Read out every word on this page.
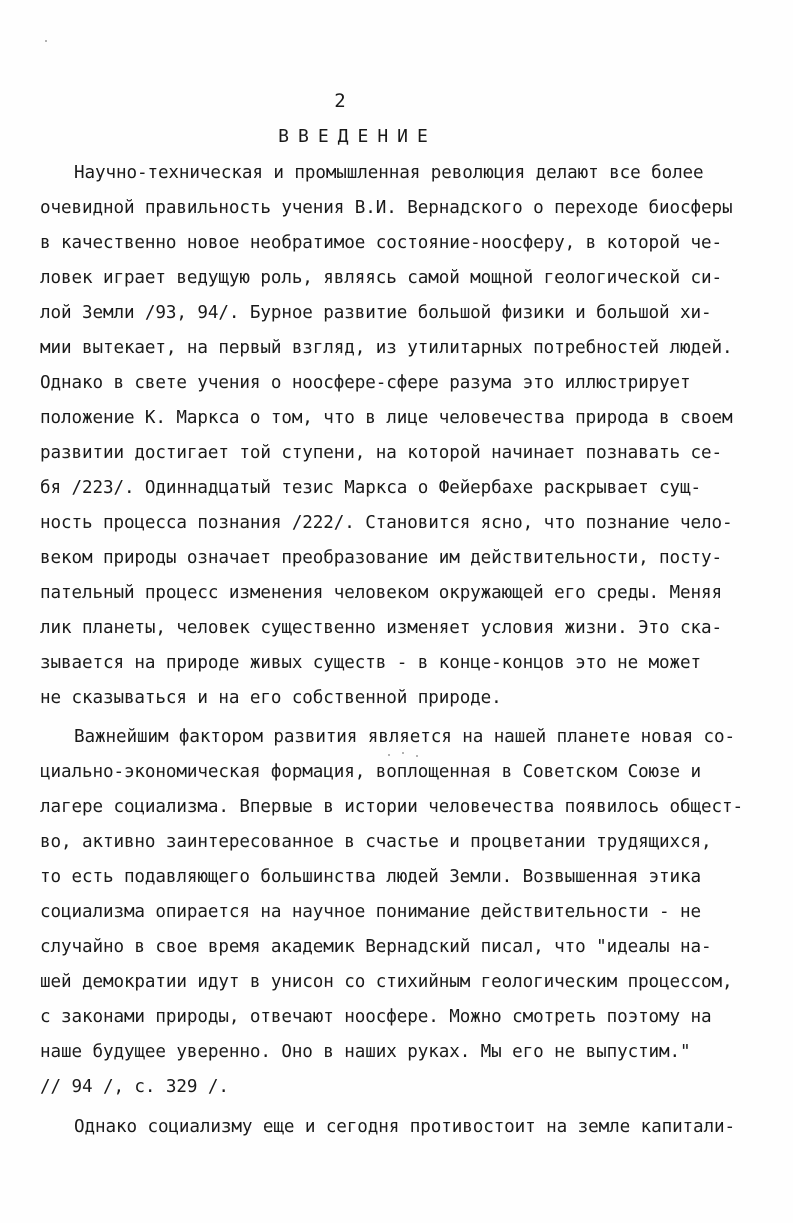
2
ВВЕДЕНИЕ
Научно-техническая и промышленная революция делают все более
очевидной правильность учения В.И. Вернадского о переходе биосферы
в качественно новое необратимое состояние-ноосферу, в которой че-
ловек играет ведущую роль, являясь самой мощной геологической си-
лой Земли /93, 94/. Бурное развитие большой физики и большой хи-
мии вытекает, на первый взгляд, из утилитарных потребностей людей.
Однако в свете учения о ноосфере-сфере разума это иллюстрирует
положение К. Маркса о том, что в лице человечества природа в своем
развитии достигает той ступени, на которой начинает познавать се-
бя /223/. Одиннадцатый тезис Маркса о Фейербахе раскрывает сущ-
ность процесса познания /222/. Становится ясно, что познание чело-
веком природы означает преобразование им действительности, посту-
пательный процесс изменения человеком окружающей его среды. Меняя
лик планеты, человек существенно изменяет условия жизни. Это ска-
зывается на природе живых существ - в конце-концов это не может
не сказываться и на его собственной природе.
Важнейшим фактором развития является на нашей планете новая со-
циально-экономическая формация, воплощенная в Советском Союзе и
лагере социализма. Впервые в истории человечества появилось общест-
во, активно заинтересованное в счастье и процветании трудящихся,
то есть подавляющего большинства людей Земли. Возвышенная этика
социализма опирается на научное понимание действительности - не
случайно в свое время академик Вернадский писал, что "идеалы на-
шей демократии идут в унисон со стихийным геологическим процессом,
с законами природы, отвечают ноосфере. Можно смотреть поэтому на
наше будущее уверенно. Оно в наших руках. Мы его не выпустим."
// 94 /, с. 329 /.
Однако социализму еще и сегодня противостоит на земле капитали-
